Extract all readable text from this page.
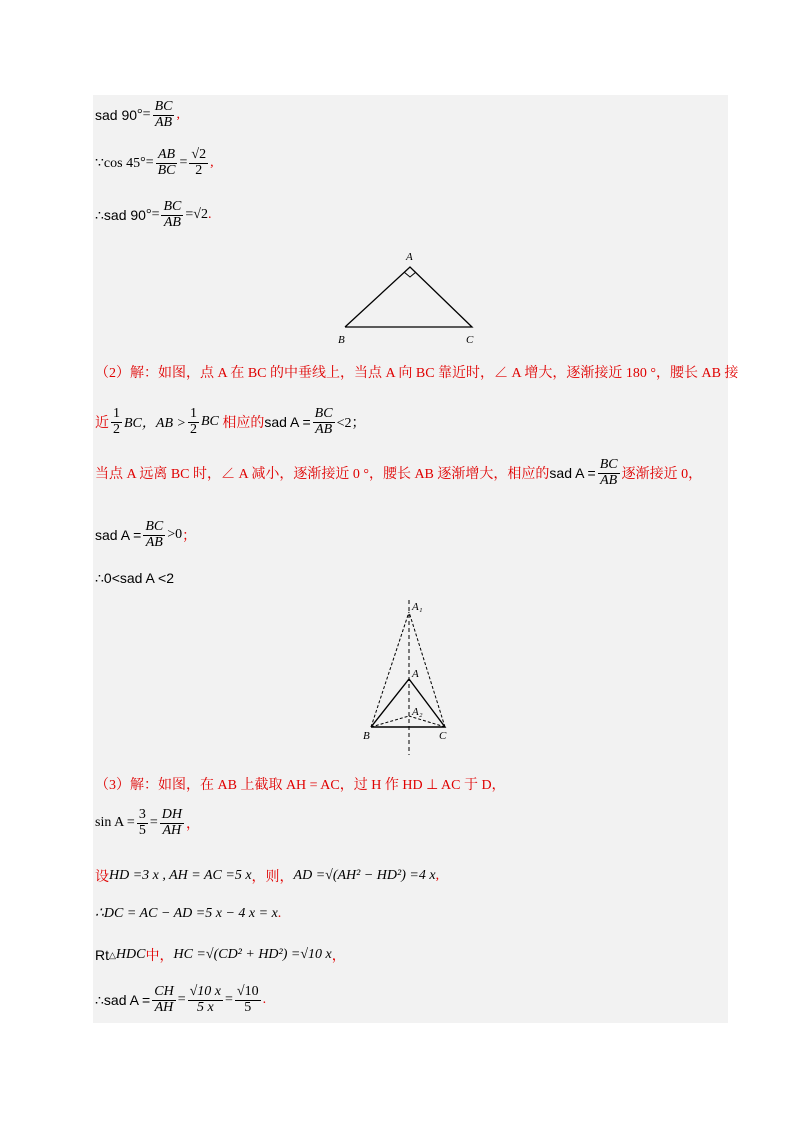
sad 90 ° = $\frac{BC}{AB}$ ,
∵cos 45 ° = $\frac{AB}{BC} = \frac{√2}{2}$ ,
∴sad 90 ° = $\frac{BC}{AB} =√2$ .
A
B	C
（2）解：如图，点 A 在 BC 的中垂线上，当点 A 向 BC 靠近时，∠ A 增大，逐渐接近 180 °，腰长 AB 接
近 $\frac{1}{2}$ BC，AB > $\frac{1}{2}$ BC
相应的 sad $A = \frac{BC}{AB} <2$；
当点 A 远离 BC 时，∠ A 减小，逐渐接近 0 °，腰长 AB 逐渐增大，相应的 sad $A = \frac{BC}{AB}$ 逐渐接近 0，
sad $A = \frac{BC}{AB} >0$ ；
∴0<sad A <2
A₁
A
A₂
B	C
（3）解：如图，在 AB 上截取 AH = AC，过 H 作 HD ⊥ AC 于 D，
$\sin A = \frac{3}{5} = \frac{DH}{AH}$ ，
设 HD =3 x , AH = AC =5 x ，则， AD =√(AH² − HD²) =4 x ,
∴DC = AC − AD =5 x − 4 x = x .
Rt △ HDC 中， HC =√(CD² + HD²) =√10 x ，
∴sad $A = \frac{CH}{AH} = \frac{√10 x}{5 x} = \frac{√10}{5}$ .
